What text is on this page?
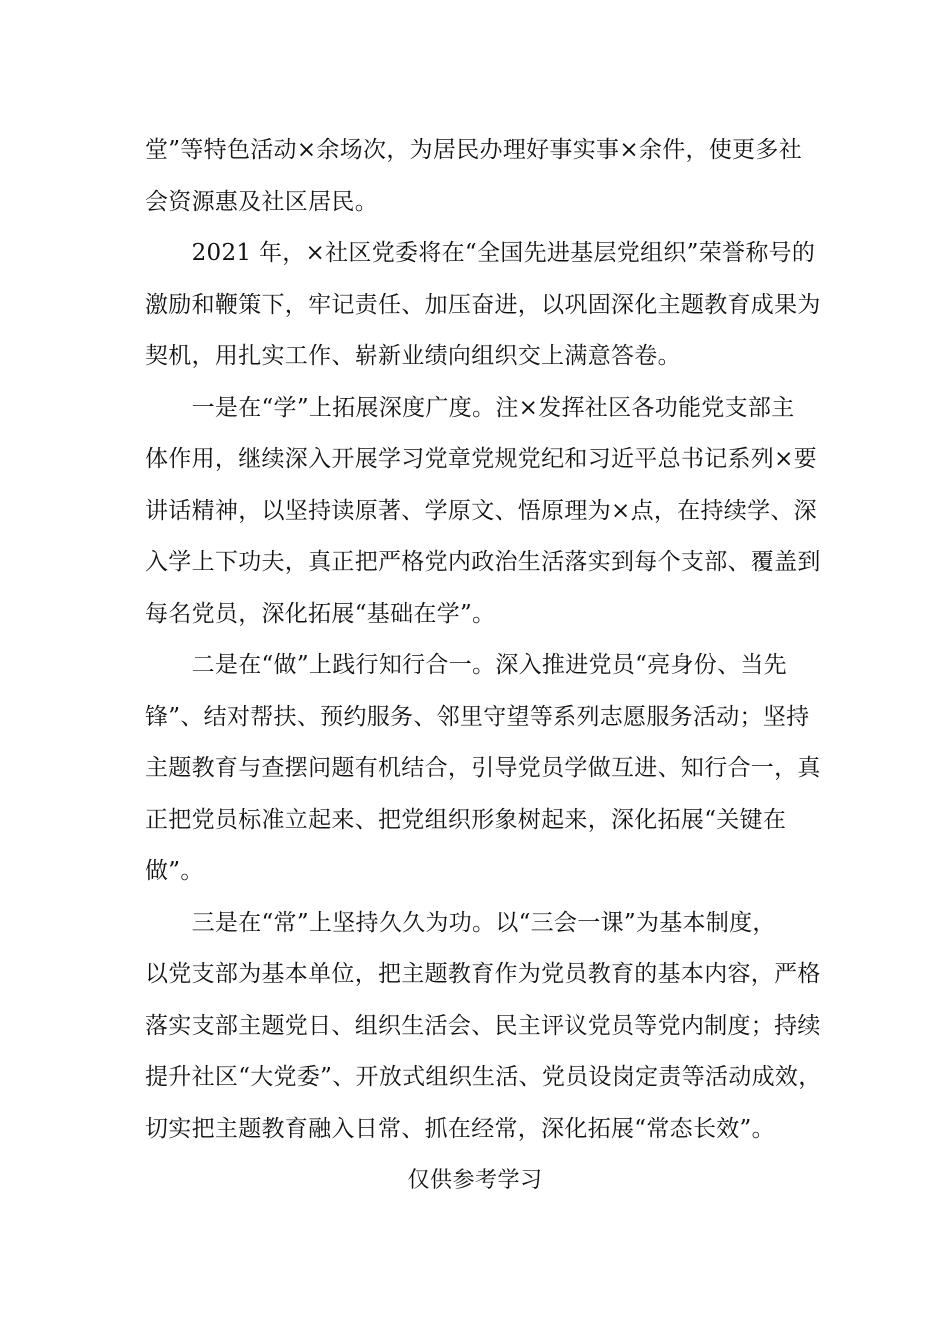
堂”等特色活动×余场次，为居民办理好事实事×余件，使更多社
会资源惠及社区居民。
　　2021 年，×社区党委将在“全国先进基层党组织”荣誉称号的
激励和鞭策下，牢记责任、加压奋进，以巩固深化主题教育成果为
契机，用扎实工作、崭新业绩向组织交上满意答卷。
　　一是在“学”上拓展深度广度。注×发挥社区各功能党支部主
体作用，继续深入开展学习党章党规党纪和习近平总书记系列×要
讲话精神，以坚持读原著、学原文、悟原理为×点，在持续学、深
入学上下功夫，真正把严格党内政治生活落实到每个支部、覆盖到
每名党员，深化拓展“基础在学”。
　　二是在“做”上践行知行合一。深入推进党员“亮身份、当先
锋”、结对帮扶、预约服务、邻里守望等系列志愿服务活动；坚持
主题教育与查摆问题有机结合，引导党员学做互进、知行合一，真
正把党员标准立起来、把党组织形象树起来，深化拓展“关键在
做”。
　　三是在“常”上坚持久久为功。以“三会一课”为基本制度，
以党支部为基本单位，把主题教育作为党员教育的基本内容，严格
落实支部主题党日、组织生活会、民主评议党员等党内制度；持续
提升社区“大党委”、开放式组织生活、党员设岗定责等活动成效，
切实把主题教育融入日常、抓在经常，深化拓展“常态长效”。
仅供参考学习
